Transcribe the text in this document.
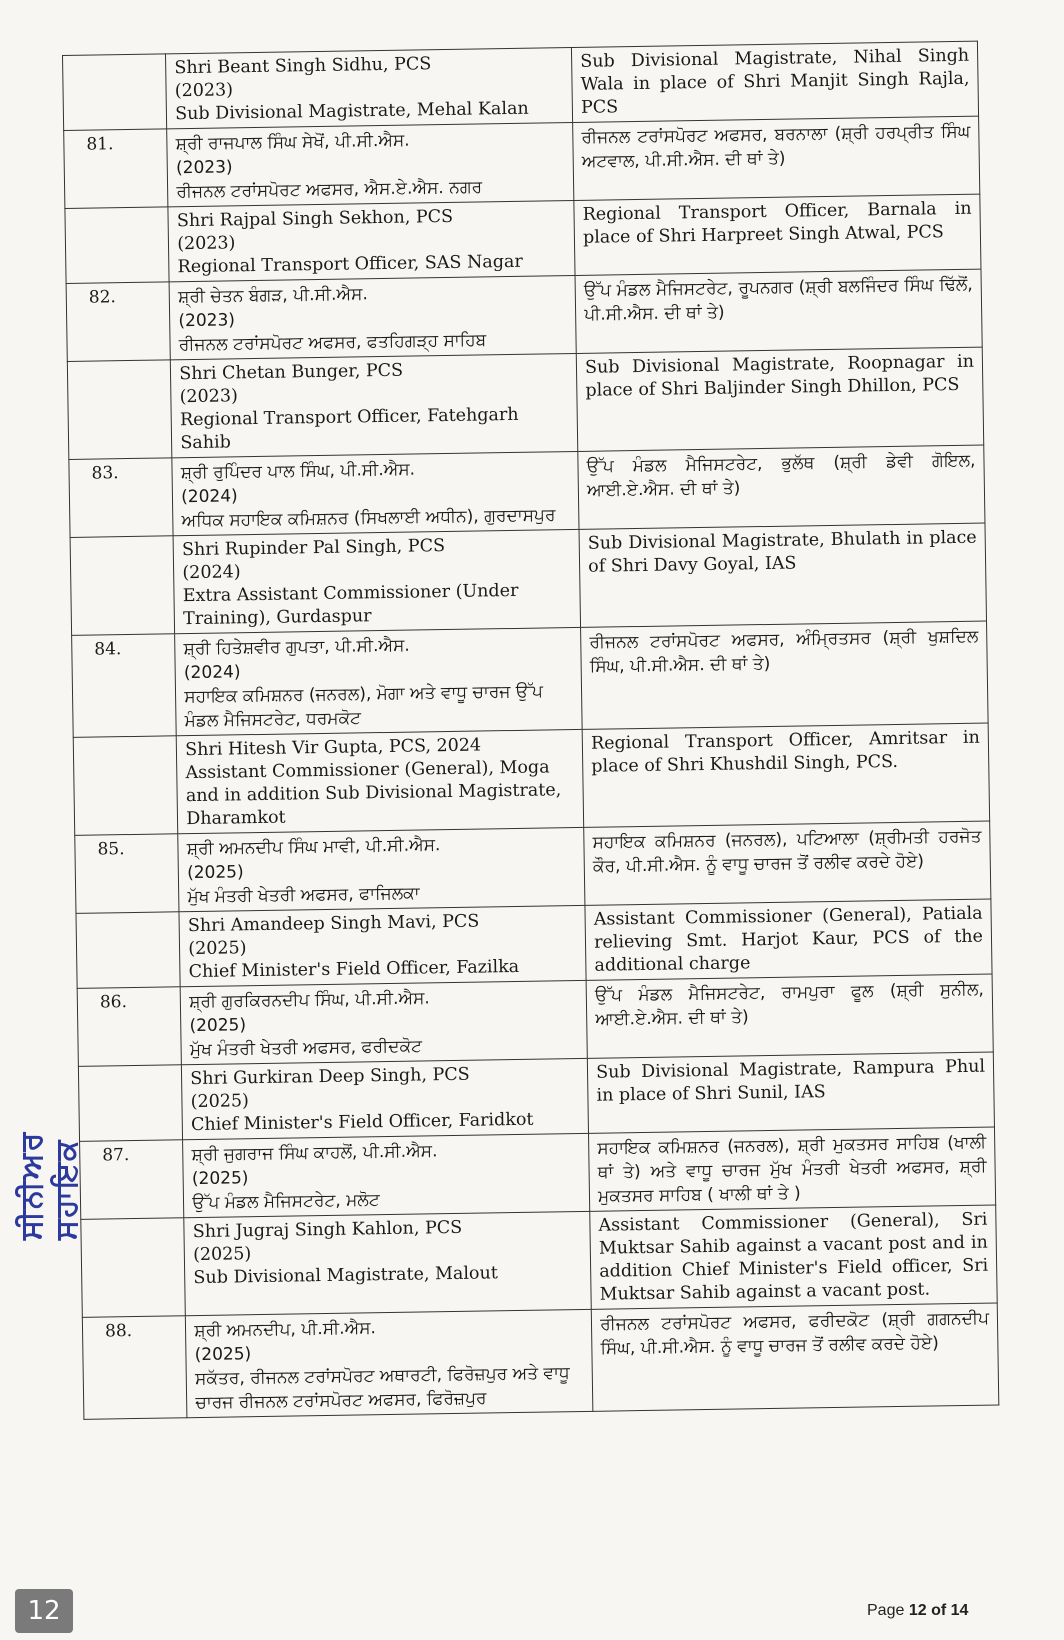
	Shri Beant Singh Sidhu, PCS
(2023)
Sub Divisional Magistrate, Mehal Kalan	Sub Divisional Magistrate, Nihal Singh Wala in place of Shri Manjit Singh Rajla, PCS
81.	ਸ਼੍ਰੀ ਰਾਜਪਾਲ ਸਿੰਘ ਸੇਖੋਂ, ਪੀ.ਸੀ.ਐਸ.
(2023)
ਰੀਜਨਲ ਟਰਾਂਸਪੋਰਟ ਅਫਸਰ, ਐਸ.ਏ.ਐਸ. ਨਗਰ	ਰੀਜਨਲ ਟਰਾਂਸਪੋਰਟ ਅਫਸਰ, ਬਰਨਾਲਾ (ਸ਼੍ਰੀ ਹਰਪ੍ਰੀਤ ਸਿੰਘ ਅਟਵਾਲ, ਪੀ.ਸੀ.ਐਸ. ਦੀ ਥਾਂ ਤੇ)

	Shri Rajpal Singh Sekhon, PCS
(2023)
Regional Transport Officer, SAS Nagar	Regional Transport Officer, Barnala in place of Shri Harpreet Singh Atwal, PCS
82.	ਸ਼੍ਰੀ ਚੇਤਨ ਬੰਗੜ, ਪੀ.ਸੀ.ਐਸ.
(2023)
ਰੀਜਨਲ ਟਰਾਂਸਪੋਰਟ ਅਫਸਰ, ਫਤਹਿਗੜ੍ਹ ਸਾਹਿਬ	ਉੱਪ ਮੰਡਲ ਮੈਜਿਸਟਰੇਟ, ਰੂਪਨਗਰ (ਸ਼੍ਰੀ ਬਲਜਿੰਦਰ ਸਿੰਘ ਢਿੱਲੋਂ, ਪੀ.ਸੀ.ਐਸ. ਦੀ ਥਾਂ ਤੇ)

	Shri Chetan Bunger, PCS
(2023)
Regional Transport Officer, Fatehgarh Sahib	Sub Divisional Magistrate, Roopnagar in place of Shri Baljinder Singh Dhillon, PCS
83.	ਸ਼੍ਰੀ ਰੁਪਿੰਦਰ ਪਾਲ ਸਿੰਘ, ਪੀ.ਸੀ.ਐਸ.
(2024)
ਅਧਿਕ ਸਹਾਇਕ ਕਮਿਸ਼ਨਰ (ਸਿਖਲਾਈ ਅਧੀਨ), ਗੁਰਦਾਸਪੁਰ	ਉੱਪ ਮੰਡਲ ਮੈਜਿਸਟਰੇਟ, ਭੁਲੱਥ (ਸ਼੍ਰੀ ਡੇਵੀ ਗੋਇਲ, ਆਈ.ਏ.ਐਸ. ਦੀ ਥਾਂ ਤੇ)

	Shri Rupinder Pal Singh, PCS
(2024)
Extra Assistant Commissioner (Under Training), Gurdaspur	Sub Divisional Magistrate, Bhulath in place of Shri Davy Goyal, IAS
84.	ਸ਼੍ਰੀ ਹਿਤੇਸ਼ਵੀਰ ਗੁਪਤਾ, ਪੀ.ਸੀ.ਐਸ.
(2024)
ਸਹਾਇਕ ਕਮਿਸ਼ਨਰ (ਜਨਰਲ), ਮੋਗਾ ਅਤੇ ਵਾਧੂ ਚਾਰਜ ਉੱਪ ਮੰਡਲ ਮੈਜਿਸਟਰੇਟ, ਧਰਮਕੋਟ	ਰੀਜਨਲ ਟਰਾਂਸਪੋਰਟ ਅਫਸਰ, ਅੰਮ੍ਰਿਤਸਰ (ਸ਼੍ਰੀ ਖੁਸ਼ਦਿਲ ਸਿੰਘ, ਪੀ.ਸੀ.ਐਸ. ਦੀ ਥਾਂ ਤੇ)

	Shri Hitesh Vir Gupta, PCS, 2024
Assistant Commissioner (General), Moga and in addition Sub Divisional Magistrate, Dharamkot	Regional Transport Officer, Amritsar in place of Shri Khushdil Singh, PCS.
85.	ਸ਼੍ਰੀ ਅਮਨਦੀਪ ਸਿੰਘ ਮਾਵੀ, ਪੀ.ਸੀ.ਐਸ.
(2025)
ਮੁੱਖ ਮੰਤਰੀ ਖੇਤਰੀ ਅਫਸਰ, ਫਾਜਿਲਕਾ	ਸਹਾਇਕ ਕਮਿਸ਼ਨਰ (ਜਨਰਲ), ਪਟਿਆਲਾ (ਸ਼੍ਰੀਮਤੀ ਹਰਜੋਤ ਕੌਰ, ਪੀ.ਸੀ.ਐਸ. ਨੂੰ ਵਾਧੂ ਚਾਰਜ ਤੋਂ ਰਲੀਵ ਕਰਦੇ ਹੋਏ)

	Shri Amandeep Singh Mavi, PCS
(2025)
Chief Minister's Field Officer, Fazilka	Assistant Commissioner (General), Patiala relieving Smt. Harjot Kaur, PCS of the additional charge
86.	ਸ਼੍ਰੀ ਗੁਰਕਿਰਨਦੀਪ ਸਿੰਘ, ਪੀ.ਸੀ.ਐਸ.
(2025)
ਮੁੱਖ ਮੰਤਰੀ ਖੇਤਰੀ ਅਫਸਰ, ਫਰੀਦਕੋਟ	ਉੱਪ ਮੰਡਲ ਮੈਜਿਸਟਰੇਟ, ਰਾਮਪੁਰਾ ਫੂਲ (ਸ਼੍ਰੀ ਸੁਨੀਲ, ਆਈ.ਏ.ਐਸ. ਦੀ ਥਾਂ ਤੇ)

	Shri Gurkiran Deep Singh, PCS
(2025)
Chief Minister's Field Officer, Faridkot	Sub Divisional Magistrate, Rampura Phul in place of Shri Sunil, IAS
87.	ਸ਼੍ਰੀ ਜੁਗਰਾਜ ਸਿੰਘ ਕਾਹਲੋਂ, ਪੀ.ਸੀ.ਐਸ.
(2025)
ਉੱਪ ਮੰਡਲ ਮੈਜਿਸਟਰੇਟ, ਮਲੋਟ	ਸਹਾਇਕ ਕਮਿਸ਼ਨਰ (ਜਨਰਲ), ਸ਼੍ਰੀ ਮੁਕਤਸਰ ਸਾਹਿਬ (ਖਾਲੀ ਥਾਂ ਤੇ) ਅਤੇ ਵਾਧੂ ਚਾਰਜ ਮੁੱਖ ਮੰਤਰੀ ਖੇਤਰੀ ਅਫਸਰ, ਸ਼੍ਰੀ ਮੁਕਤਸਰ ਸਾਹਿਬ ( ਖਾਲੀ ਥਾਂ ਤੇ )

	Shri Jugraj Singh Kahlon, PCS
(2025)
Sub Divisional Magistrate, Malout	Assistant Commissioner (General), Sri Muktsar Sahib against a vacant post and in addition Chief Minister's Field officer, Sri Muktsar Sahib against a vacant post.
88.	ਸ਼੍ਰੀ ਅਮਨਦੀਪ, ਪੀ.ਸੀ.ਐਸ.
(2025)
ਸਕੱਤਰ, ਰੀਜਨਲ ਟਰਾਂਸਪੋਰਟ ਅਥਾਰਟੀ, ਫਿਰੋਜ਼ਪੁਰ ਅਤੇ ਵਾਧੂ ਚਾਰਜ ਰੀਜਨਲ ਟਰਾਂਸਪੋਰਟ ਅਫਸਰ, ਫਿਰੋਜ਼ਪੁਰ	ਰੀਜਨਲ ਟਰਾਂਸਪੋਰਟ ਅਫਸਰ, ਫਰੀਦਕੋਟ (ਸ਼੍ਰੀ ਗਗਨਦੀਪ ਸਿੰਘ, ਪੀ.ਸੀ.ਐਸ. ਨੂੰ ਵਾਧੂ ਚਾਰਜ ਤੋਂ ਰਲੀਵ ਕਰਦੇ ਹੋਏ)
ਸੀਨੀਅਰ ਸਹਾਇਕ
12	Page 12 of 14
